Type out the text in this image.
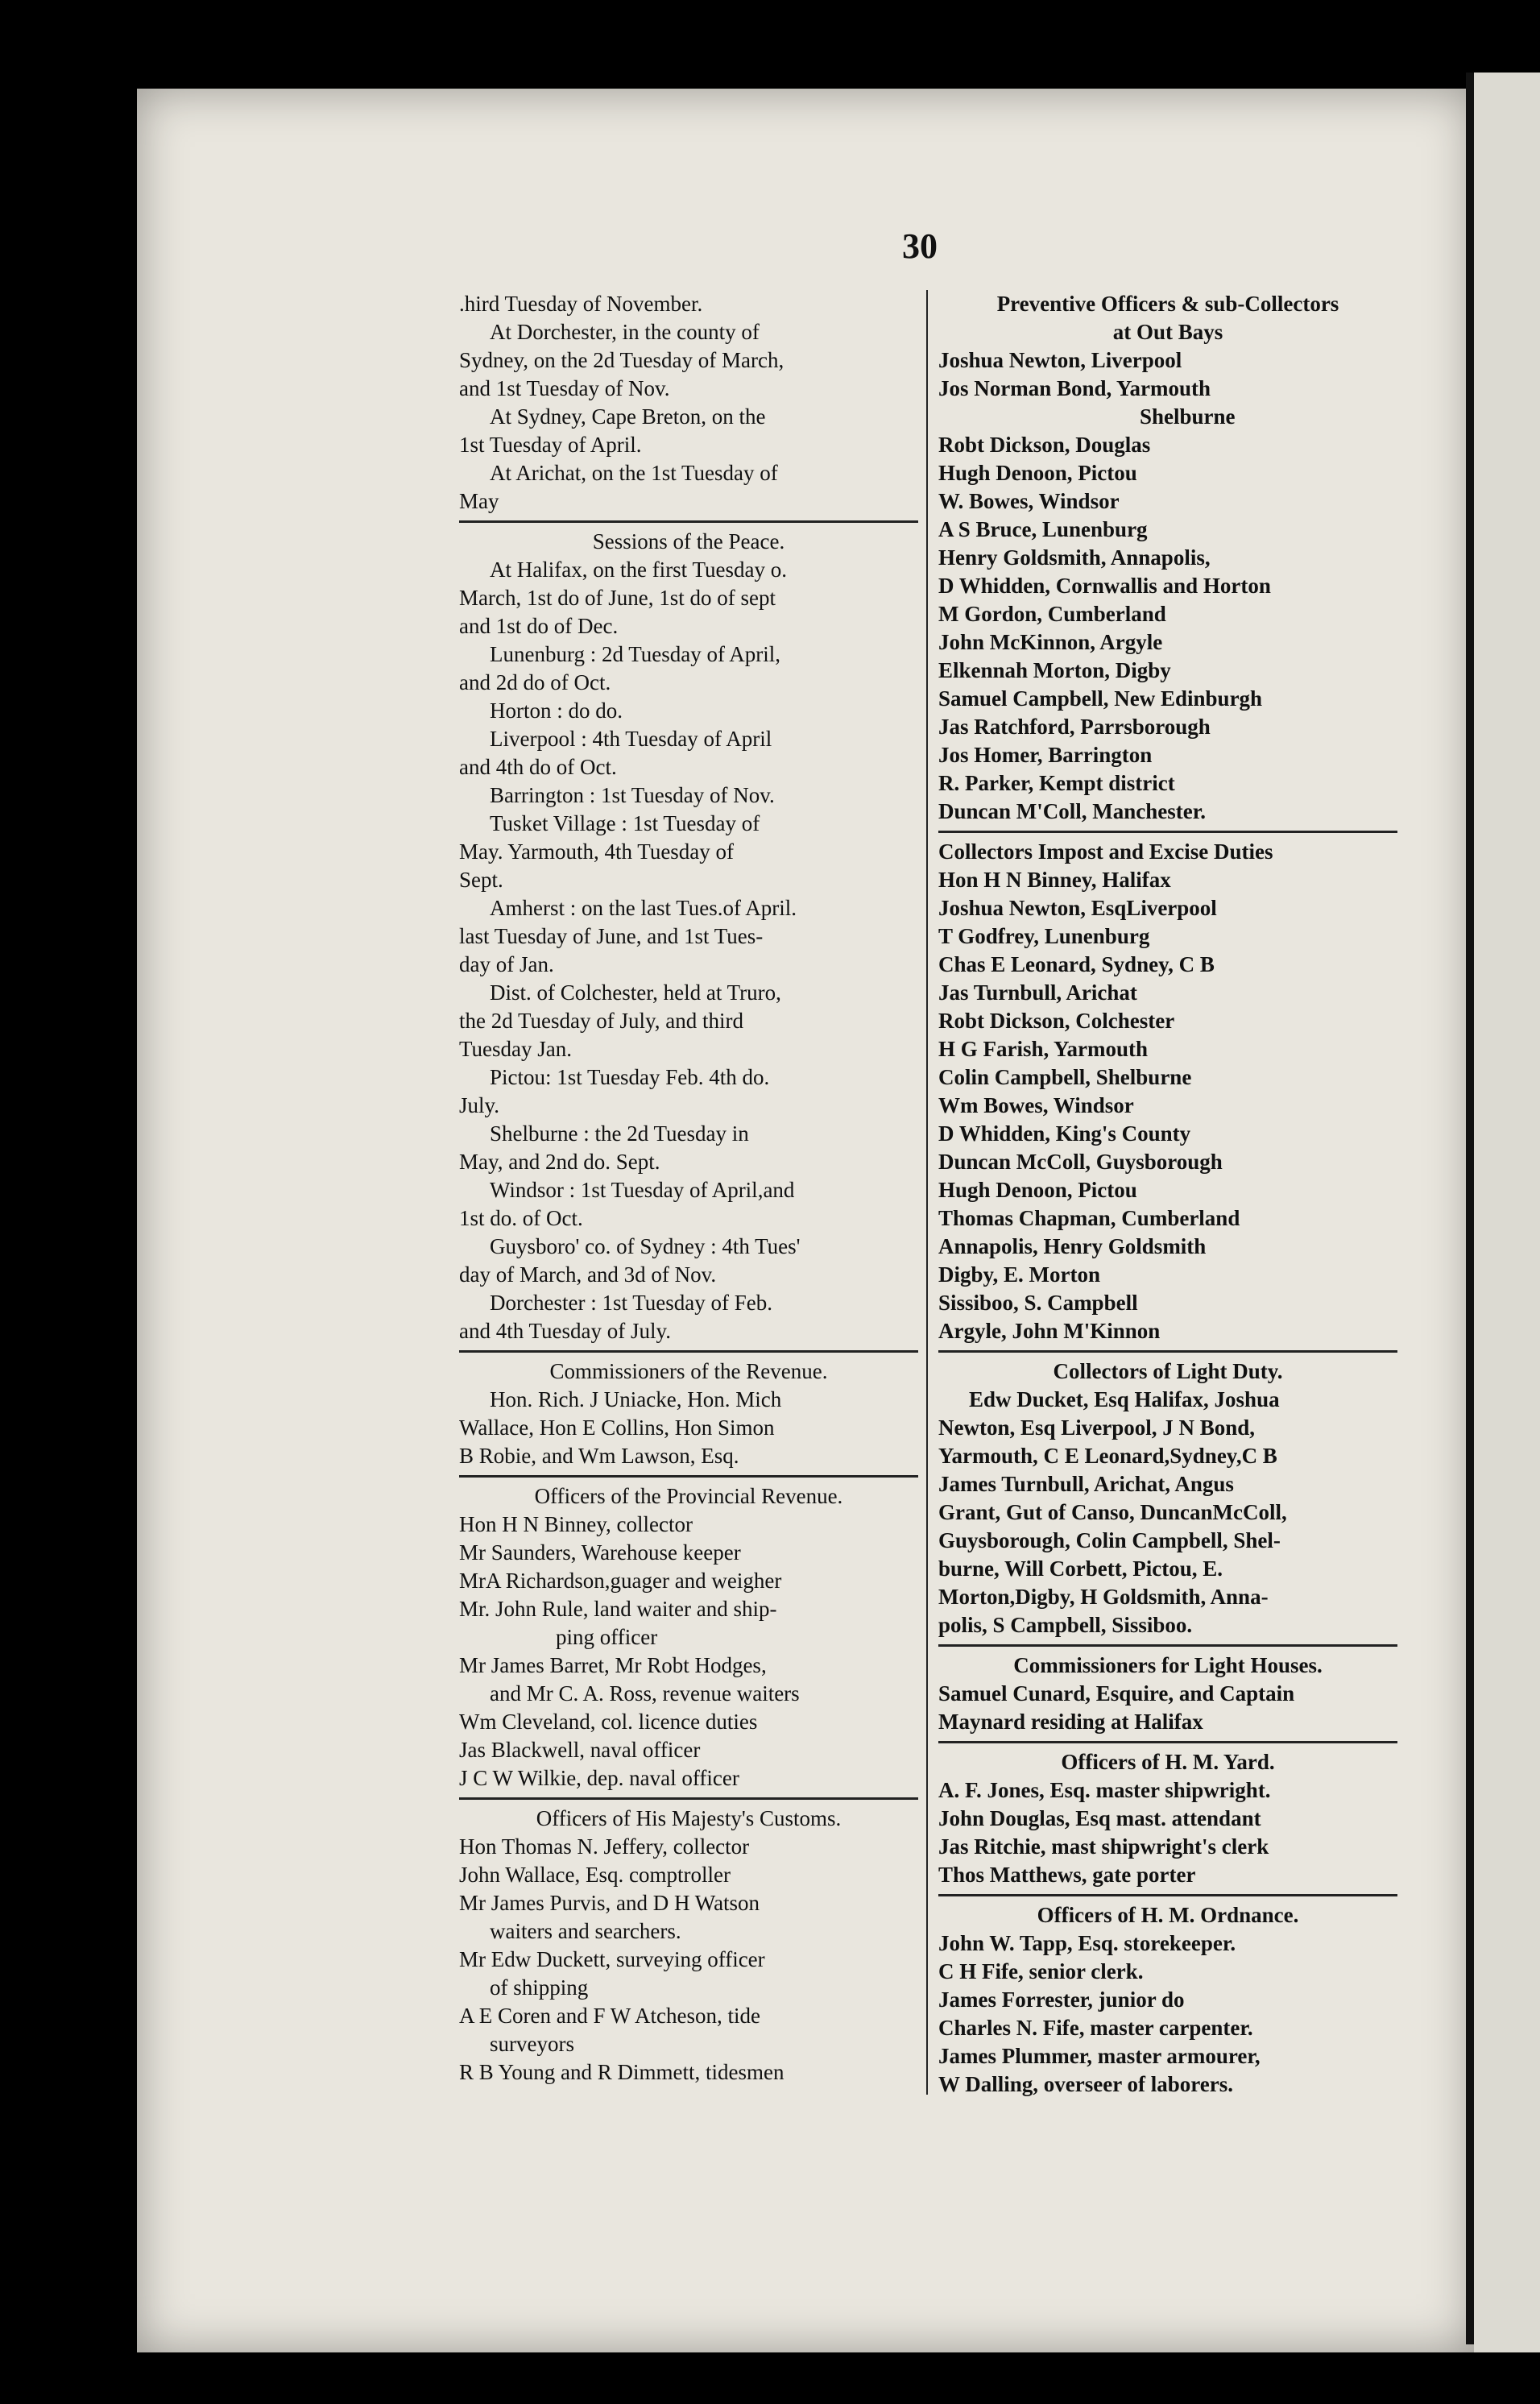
30
.hird Tuesday of November.
At Dorchester, in the county of
Sydney, on the 2d Tuesday of March,
and 1st Tuesday of Nov.
At Sydney, Cape Breton, on the
1st Tuesday of April.
At Arichat, on the 1st Tuesday of
May
Sessions of the Peace.
At Halifax, on the first Tuesday o.
March, 1st do of June, 1st do of sept
and 1st do of Dec.
Lunenburg : 2d Tuesday of April,
and 2d do of Oct.
Horton : do do.
Liverpool : 4th Tuesday of April
and 4th do of Oct.
Barrington : 1st Tuesday of Nov.
Tusket Village : 1st Tuesday of
May. Yarmouth, 4th Tuesday of
Sept.
Amherst : on the last Tues.of April.
last Tuesday of June, and 1st Tues-
day of Jan.
Dist. of Colchester, held at Truro,
the 2d Tuesday of July, and third
Tuesday Jan.
Pictou: 1st Tuesday Feb. 4th do.
July.
Shelburne : the 2d Tuesday in
May, and 2nd do. Sept.
Windsor : 1st Tuesday of April,and
1st do. of Oct.
Guysboro' co. of Sydney : 4th Tues'
day of March, and 3d of Nov.
Dorchester : 1st Tuesday of Feb.
and 4th Tuesday of July.
Commissioners of the Revenue.
Hon. Rich. J Uniacke, Hon. Mich
Wallace, Hon E Collins, Hon Simon
B Robie, and Wm Lawson, Esq.
Officers of the Provincial Revenue.
Hon H N Binney, collector
Mr Saunders, Warehouse keeper
MrA Richardson,guager and weigher
Mr. John Rule, land waiter and ship-
ping officer
Mr James Barret, Mr Robt Hodges,
and Mr C. A. Ross, revenue waiters
Wm Cleveland, col. licence duties
Jas Blackwell, naval officer
J C W Wilkie, dep. naval officer
Officers of His Majesty's Customs.
Hon Thomas N. Jeffery, collector
John Wallace, Esq. comptroller
Mr James Purvis, and D H Watson
waiters and searchers.
Mr Edw Duckett, surveying officer
of shipping
A E Coren and F W Atcheson, tide
surveyors
R B Young and R Dimmett, tidesmen
Preventive Officers & sub-Collectors
at Out Bays
Joshua Newton, Liverpool
Jos Norman Bond, Yarmouth
Shelburne
Robt Dickson, Douglas
Hugh Denoon, Pictou
W. Bowes, Windsor
A S Bruce, Lunenburg
Henry Goldsmith, Annapolis,
D Whidden, Cornwallis and Horton
M Gordon, Cumberland
John McKinnon, Argyle
Elkennah Morton, Digby
Samuel Campbell, New Edinburgh
Jas Ratchford, Parrsborough
Jos Homer, Barrington
R. Parker, Kempt district
Duncan M'Coll, Manchester.
Collectors Impost and Excise Duties
Hon H N Binney, Halifax
Joshua Newton, EsqLiverpool
T Godfrey, Lunenburg
Chas E Leonard, Sydney, C B
Jas Turnbull, Arichat
Robt Dickson, Colchester
H G Farish, Yarmouth
Colin Campbell, Shelburne
Wm Bowes, Windsor
D Whidden, King's County
Duncan McColl, Guysborough
Hugh Denoon, Pictou
Thomas Chapman, Cumberland
Annapolis, Henry Goldsmith
Digby, E. Morton
Sissiboo, S. Campbell
Argyle, John M'Kinnon
Collectors of Light Duty.
Edw Ducket, Esq Halifax, Joshua
Newton, Esq Liverpool, J N Bond,
Yarmouth, C E Leonard,Sydney,C B
James Turnbull, Arichat, Angus
Grant, Gut of Canso, DuncanMcColl,
Guysborough, Colin Campbell, Shel-
burne, Will Corbett, Pictou, E.
Morton,Digby, H Goldsmith, Anna-
polis, S Campbell, Sissiboo.
Commissioners for Light Houses.
Samuel Cunard, Esquire, and Captain
Maynard residing at Halifax
Officers of H. M. Yard.
A. F. Jones, Esq. master shipwright.
John Douglas, Esq mast. attendant
Jas Ritchie, mast shipwright's clerk
Thos Matthews, gate porter
Officers of H. M. Ordnance.
John W. Tapp, Esq. storekeeper.
C H Fife, senior clerk.
James Forrester, junior do
Charles N. Fife, master carpenter.
James Plummer, master armourer,
W Dalling, overseer of laborers.
